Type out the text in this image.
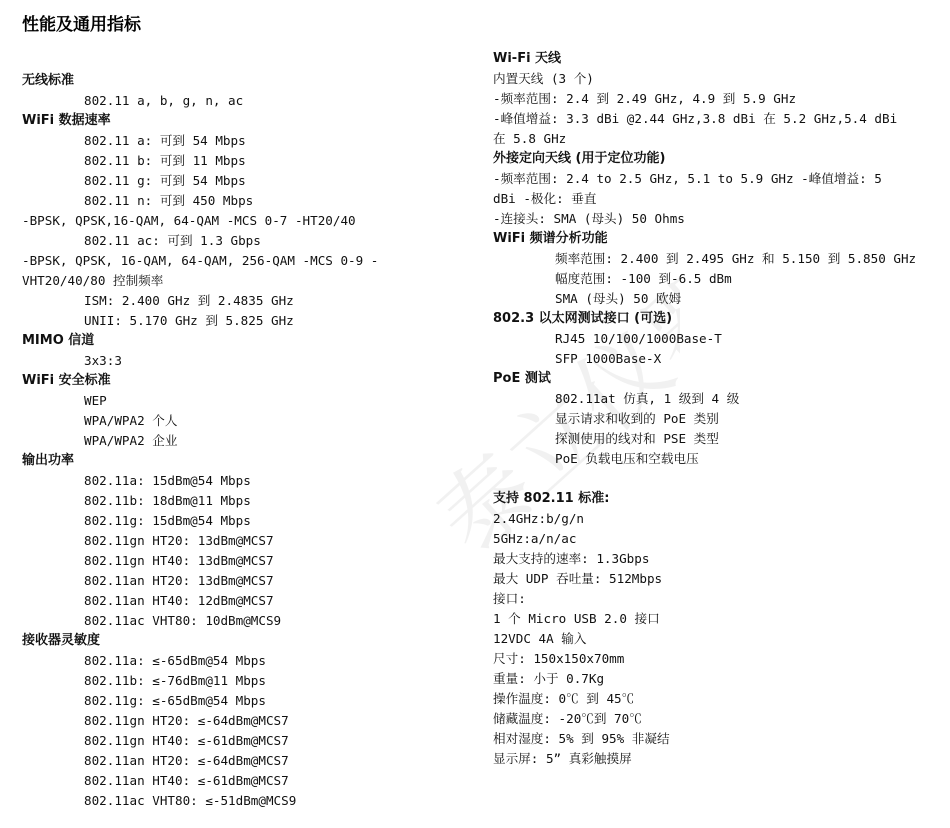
性能及通用指标
泰立仪器
无线标准
802.11 a, b, g, n, ac
WiFi 数据速率
802.11 a: 可到 54 Mbps
802.11 b: 可到 11 Mbps
802.11 g: 可到 54 Mbps
802.11 n: 可到 450 Mbps
-BPSK, QPSK,16-QAM, 64-QAM -MCS 0-7 -HT20/40
802.11 ac: 可到 1.3 Gbps
-BPSK, QPSK, 16-QAM, 64-QAM, 256-QAM -MCS 0-9 -
VHT20/40/80 控制频率
ISM: 2.400 GHz 到 2.4835 GHz
UNII: 5.170 GHz 到 5.825 GHz
MIMO 信道
3x3:3
WiFi 安全标准
WEP
WPA/WPA2 个人
WPA/WPA2 企业
输出功率
802.11a: 15dBm@54 Mbps
802.11b: 18dBm@11 Mbps
802.11g: 15dBm@54 Mbps
802.11gn HT20: 13dBm@MCS7
802.11gn HT40: 13dBm@MCS7
802.11an HT20: 13dBm@MCS7
802.11an HT40: 12dBm@MCS7
802.11ac VHT80: 10dBm@MCS9
接收器灵敏度
802.11a: ≤-65dBm@54 Mbps
802.11b: ≤-76dBm@11 Mbps
802.11g: ≤-65dBm@54 Mbps
802.11gn HT20: ≤-64dBm@MCS7
802.11gn HT40: ≤-61dBm@MCS7
802.11an HT20: ≤-64dBm@MCS7
802.11an HT40: ≤-61dBm@MCS7
802.11ac VHT80: ≤-51dBm@MCS9
Wi-Fi 天线
内置天线 (3 个)
-频率范围: 2.4 到 2.49 GHz, 4.9 到 5.9 GHz
-峰值增益: 3.3 dBi @2.44 GHz,3.8 dBi 在 5.2 GHz,5.4 dBi
在 5.8 GHz
外接定向天线 (用于定位功能)
-频率范围: 2.4 to 2.5 GHz, 5.1 to 5.9 GHz -峰值增益: 5
dBi -极化: 垂直
-连接头: SMA (母头) 50 Ohms
WiFi 频谱分析功能
频率范围: 2.400 到 2.495 GHz 和 5.150 到 5.850 GHz
幅度范围: -100 到-6.5 dBm
SMA (母头) 50 欧姆
802.3 以太网测试接口 (可选)
RJ45 10/100/1000Base-T
SFP 1000Base-X
PoE 测试
802.11at 仿真, 1 级到 4 级
显示请求和收到的 PoE 类别
探测使用的线对和 PSE 类型
PoE 负载电压和空载电压
支持 802.11 标准:
2.4GHz:b/g/n
5GHz:a/n/ac
最大支持的速率: 1.3Gbps
最大 UDP 吞吐量: 512Mbps
接口:
1 个 Micro USB 2.0 接口
12VDC 4A 输入
尺寸: 150x150x70mm
重量: 小于 0.7Kg
操作温度: 0℃ 到 45℃
储藏温度: -20℃到 70℃
相对湿度: 5% 到 95% 非凝结
显示屏: 5” 真彩触摸屏
